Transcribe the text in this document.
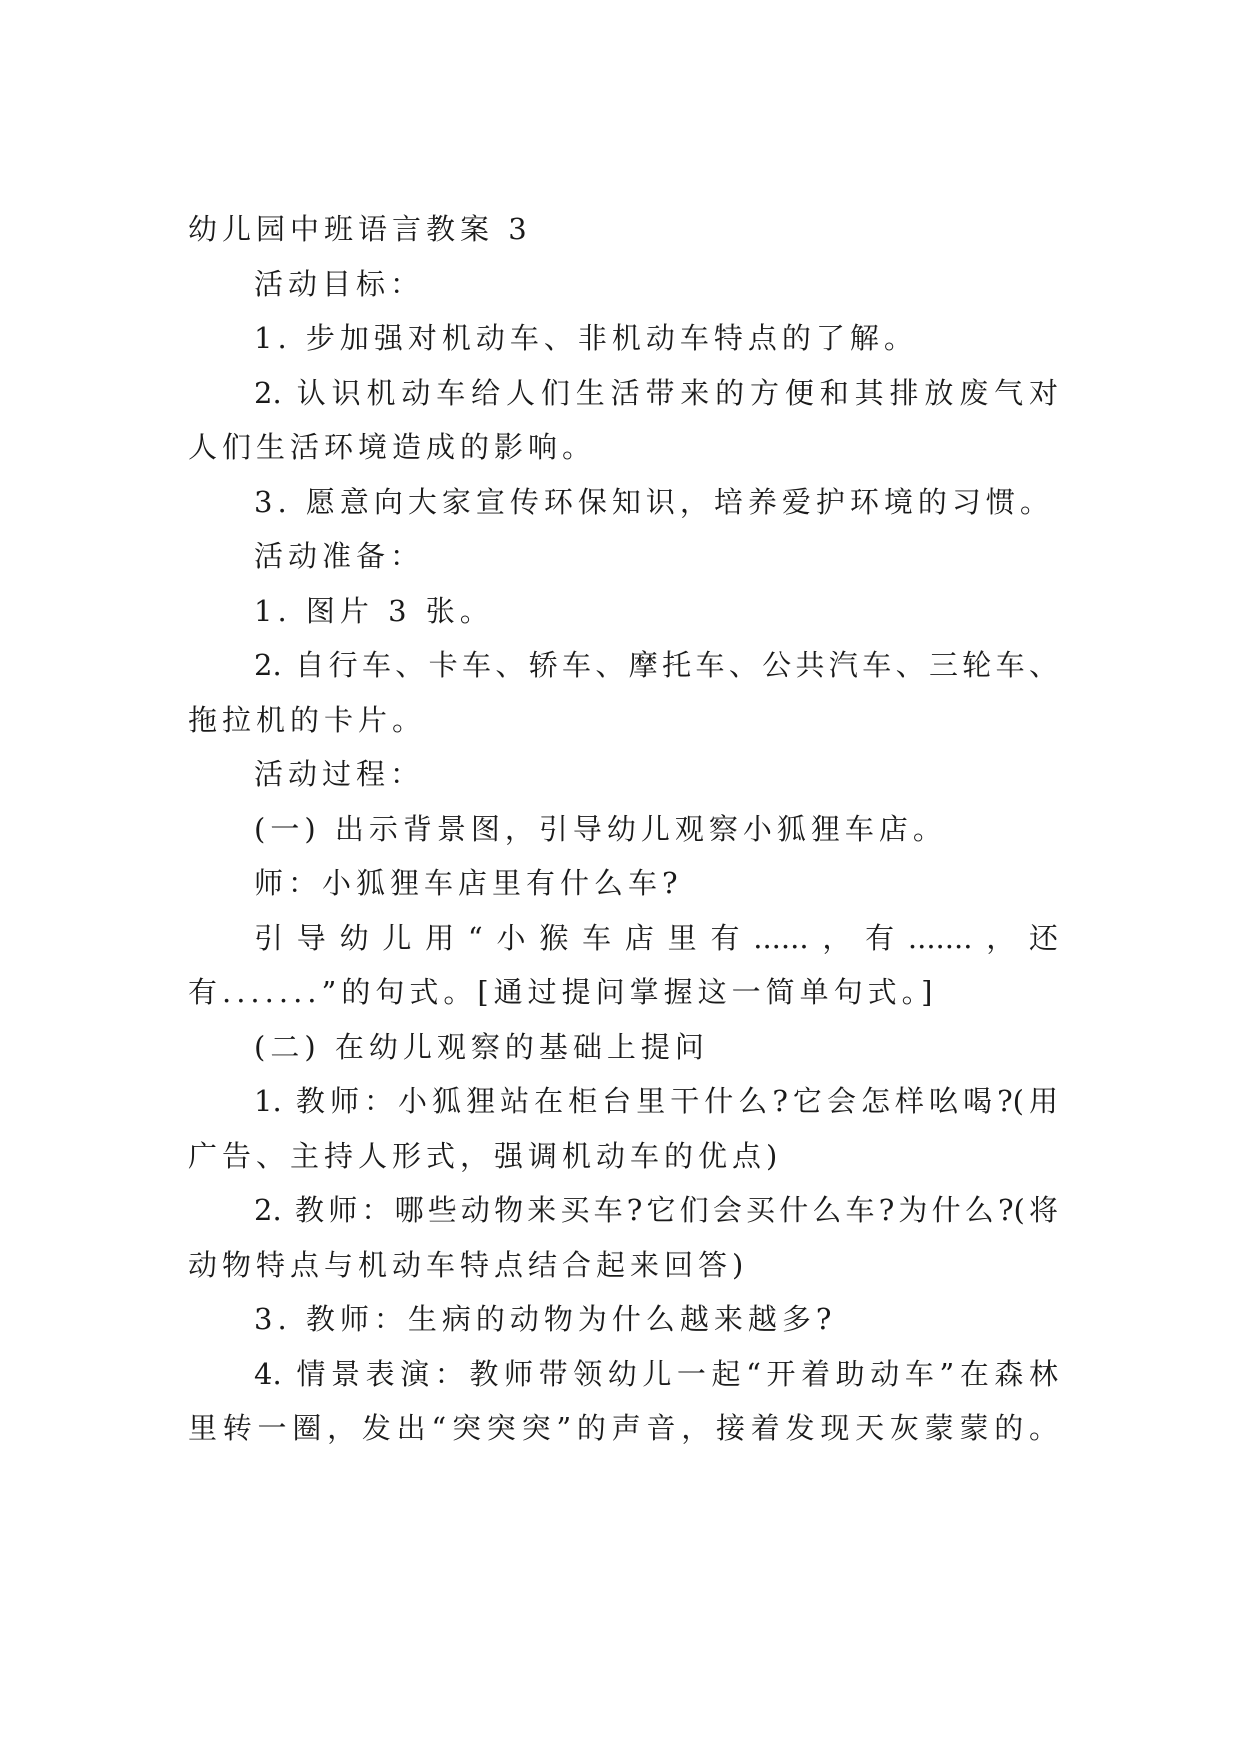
幼儿园中班语言教案 3
活动目标：
1. 步加强对机动车、非机动车特点的了解。
2. 认识机动车给人们生活带来的方便和其排放废气对
人们生活环境造成的影响。
3. 愿意向大家宣传环保知识，培养爱护环境的习惯。
活动准备：
1. 图片 3 张。
2. 自行车、卡车、轿车、摩托车、公共汽车、三轮车、
拖拉机的卡片。
活动过程：
(一) 出示背景图，引导幼儿观察小狐狸车店。
师：小狐狸车店里有什么车?
引导幼儿用“小猴车店里有......，有.......，还
有.......”的句式。[通过提问掌握这一简单句式。]
(二) 在幼儿观察的基础上提问
1. 教师：小狐狸站在柜台里干什么?它会怎样吆喝?(用
广告、主持人形式，强调机动车的优点)
2. 教师：哪些动物来买车?它们会买什么车?为什么?(将
动物特点与机动车特点结合起来回答)
3. 教师：生病的动物为什么越来越多?
4. 情景表演：教师带领幼儿一起“开着助动车”在森林
里转一圈，发出“突突突”的声音，接着发现天灰蒙蒙的。
